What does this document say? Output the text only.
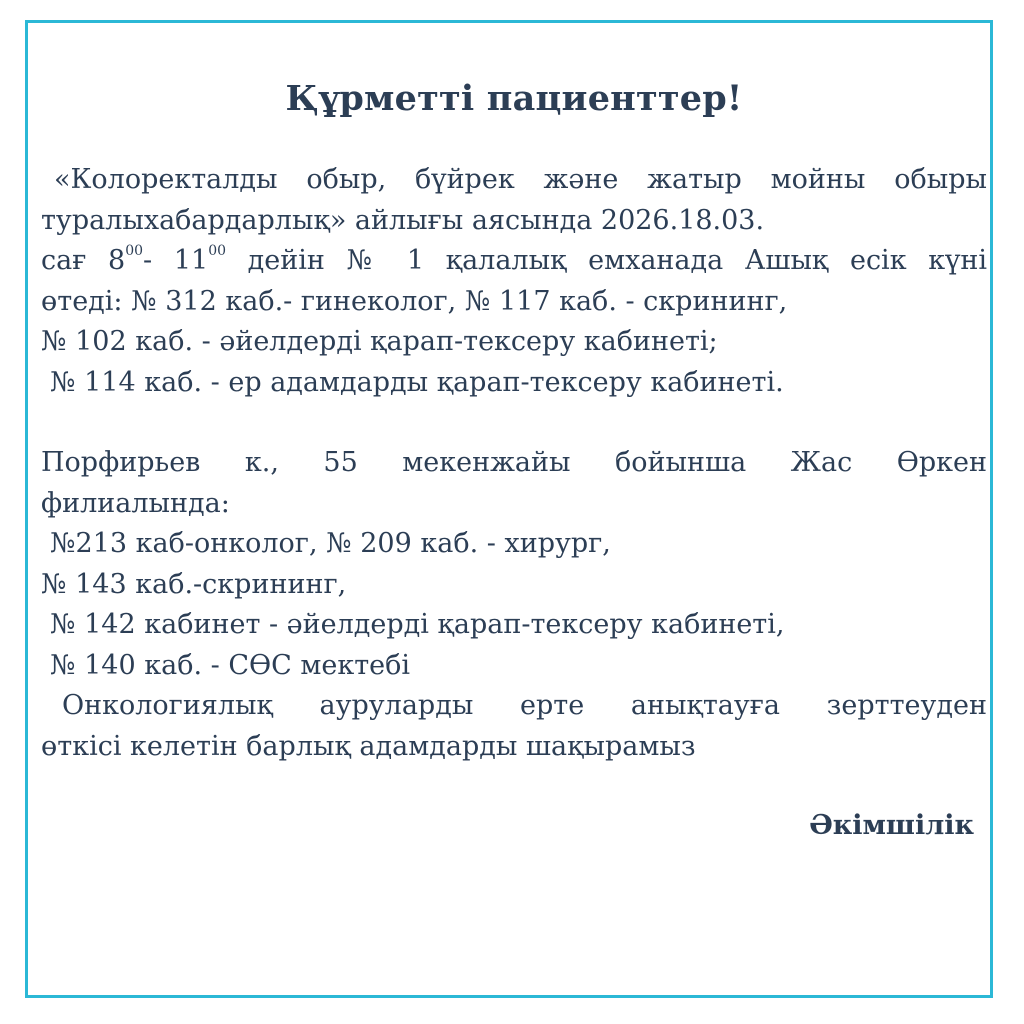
Құрметті пациенттер!
«Колоректалды обыр, бүйрек және жатыр мойны обыры
туралыхабардарлық» айлығы аясында 2026.18.03.
сағ $8^{00}-$ $11^{00}$ дейін № 1 қалалық емханада Ашық есік күні
өтеді: № 312 каб.- гинеколог, № 117 каб. - скрининг,
№ 102 каб. - әйелдерді қарап-тексеру кабинеті;
№ 114 каб. - ер адамдарды қарап-тексеру кабинеті.
Порфирьев к., 55 мекенжайы бойынша Жас Өркен
филиалында:
№213 каб-онколог, № 209 каб. - хирург,
№ 143 каб.-скрининг,
№ 142 кабинет - әйелдерді қарап-тексеру кабинеті,
№ 140 каб. - СӨС мектебі
Онкологиялық ауруларды ерте анықтауға зерттеуден
өткісі келетін барлық адамдарды шақырамыз
Әкімшілік
